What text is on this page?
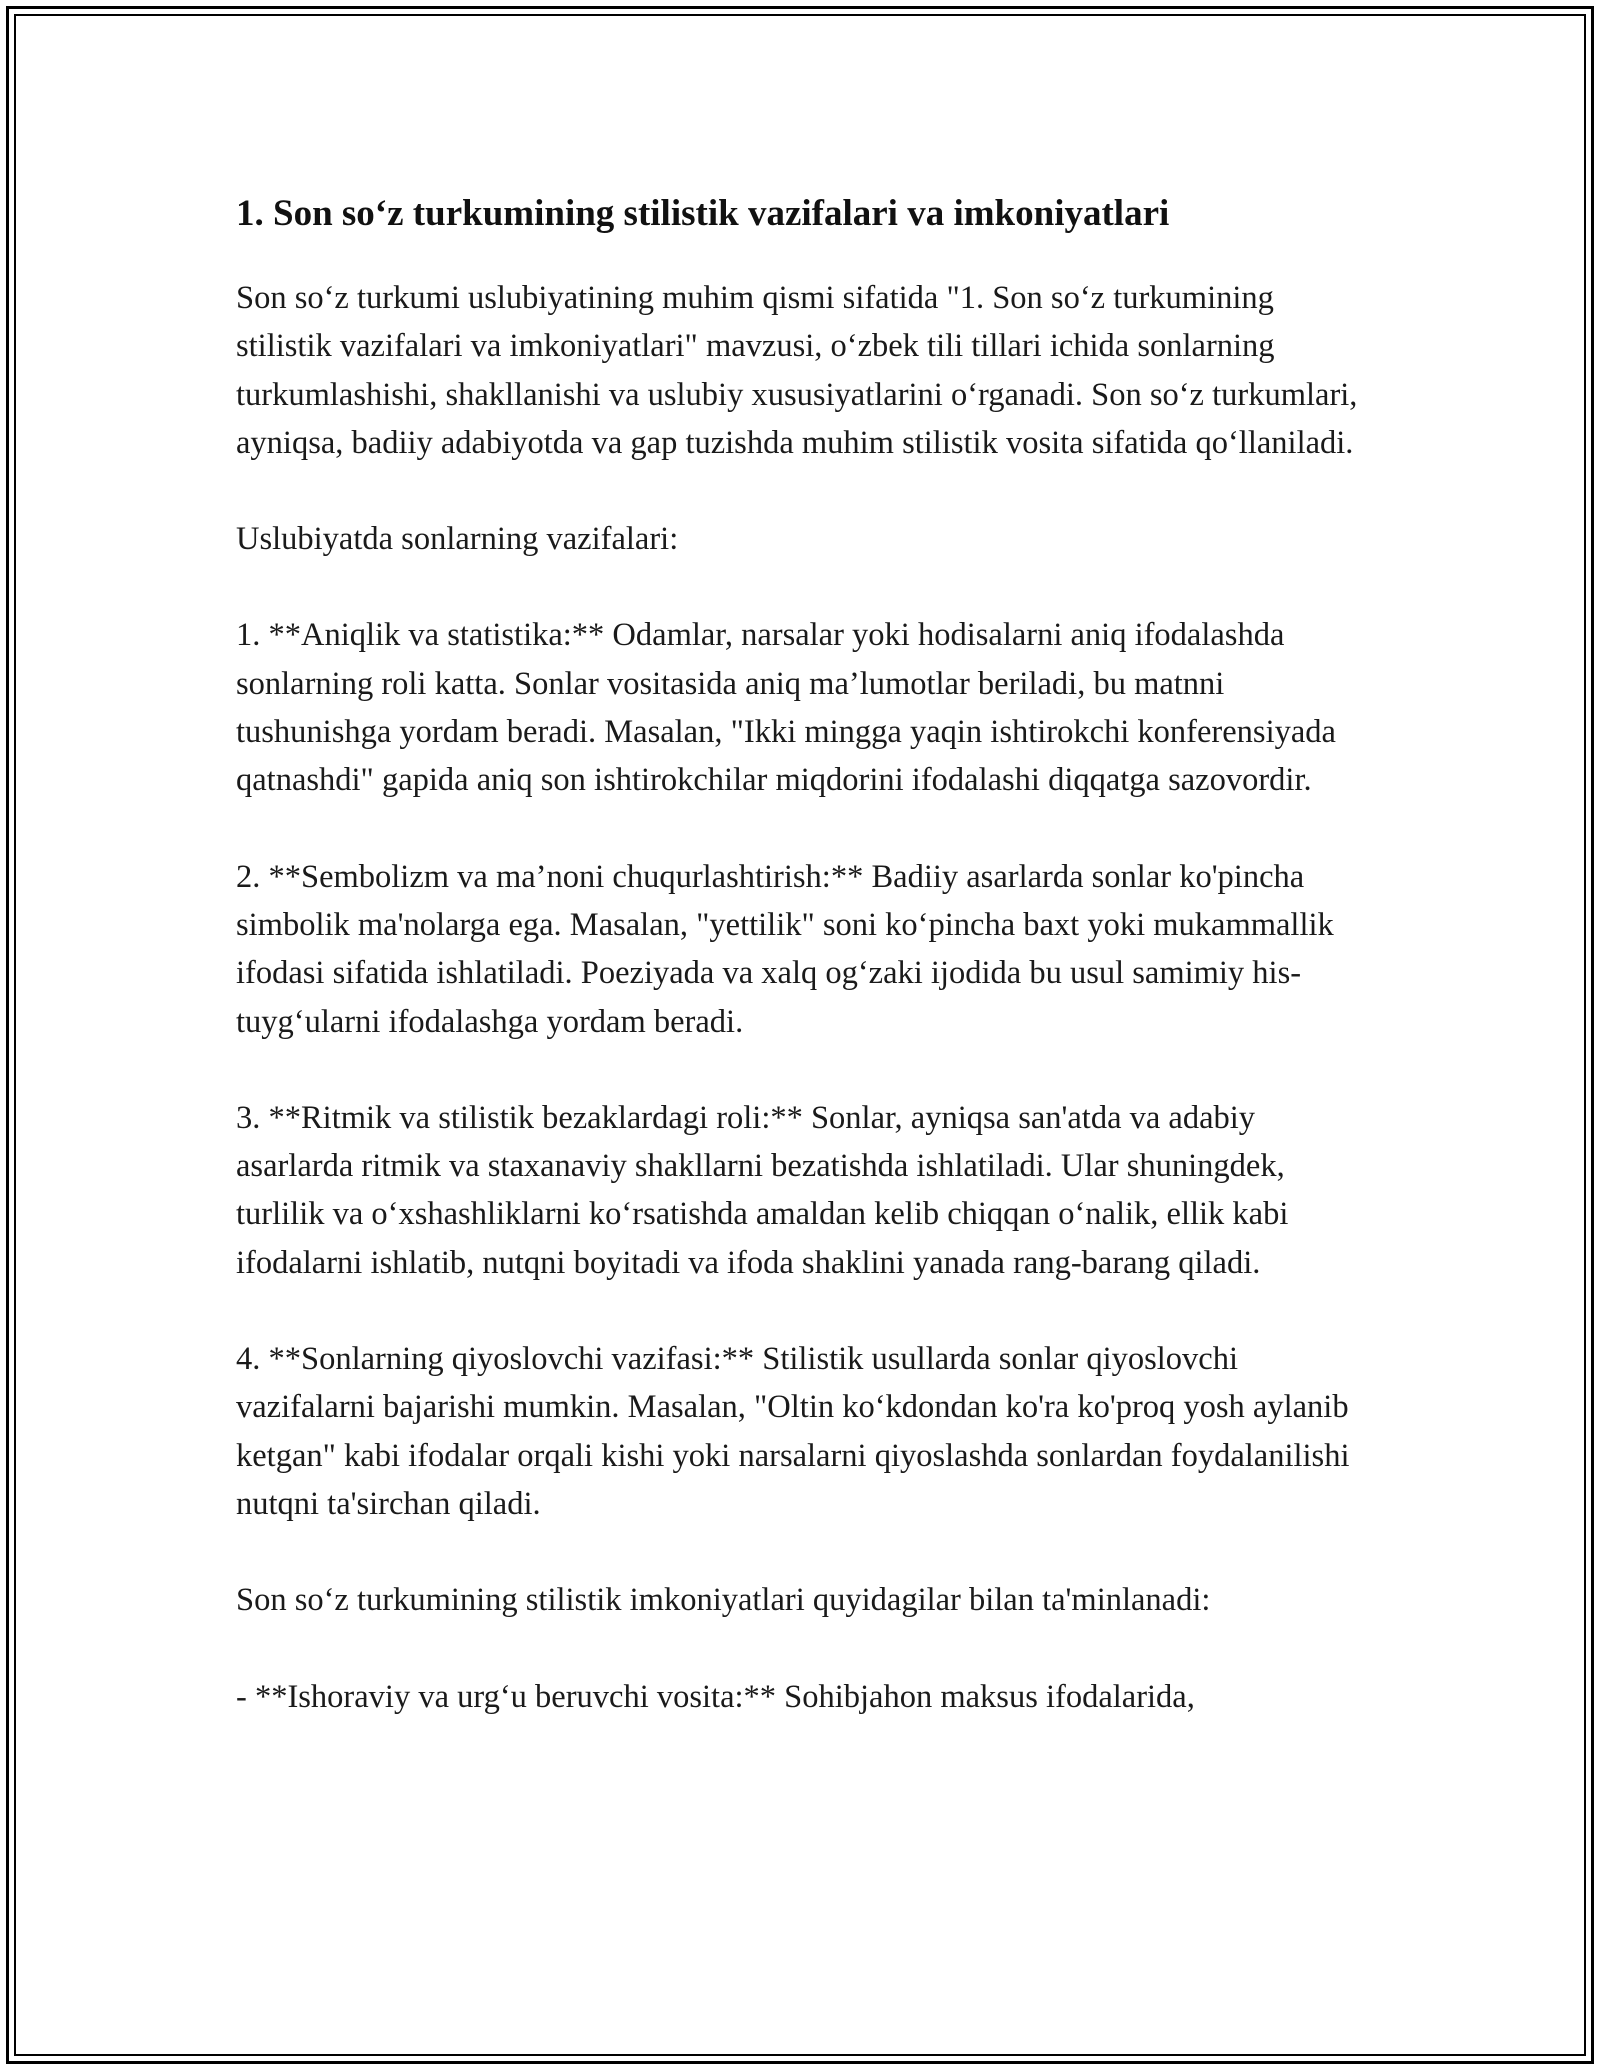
1. Son so‘z turkumining stilistik vazifalari va imkoniyatlari

Son so‘z turkumi uslubiyatining muhim qismi sifatida "1. Son so‘z turkumining stilistik vazifalari va imkoniyatlari" mavzusi, o‘zbek tili tillari ichida sonlarning turkumlashishi, shakllanishi va uslubiy xususiyatlarini o‘rganadi. Son so‘z turkumlari, ayniqsa, badiiy adabiyotda va gap tuzishda muhim stilistik vosita sifatida qo‘llaniladi.

Uslubiyatda sonlarning vazifalari:

1. **Aniqlik va statistika:** Odamlar, narsalar yoki hodisalarni aniq ifodalashda sonlarning roli katta. Sonlar vositasida aniq ma’lumotlar beriladi, bu matnni tushunishga yordam beradi. Masalan, "Ikki mingga yaqin ishtirokchi konferensiyada qatnashdi" gapida aniq son ishtirokchilar miqdorini ifodalashi diqqatga sazovordir.

2. **Sembolizm va ma’noni chuqurlashtirish:** Badiiy asarlarda sonlar ko'pincha simbolik ma'nolarga ega. Masalan, "yettilik" soni ko‘pincha baxt yoki mukammallik ifodasi sifatida ishlatiladi. Poeziyada va xalq og‘zaki ijodida bu usul samimiy his-tuyg‘ularni ifodalashga yordam beradi.

3. **Ritmik va stilistik bezaklardagi roli:** Sonlar, ayniqsa san'atda va adabiy asarlarda ritmik va staxanaviy shakllarni bezatishda ishlatiladi. Ular shuningdek, turlilik va o‘xshashliklarni ko‘rsatishda amaldan kelib chiqqan o‘nalik, ellik kabi ifodalarni ishlatib, nutqni boyitadi va ifoda shaklini yanada rang-barang qiladi.

4. **Sonlarning qiyoslovchi vazifasi:** Stilistik usullarda sonlar qiyoslovchi vazifalarni bajarishi mumkin. Masalan, "Oltin ko‘kdondan ko'ra ko'proq yosh aylanib ketgan" kabi ifodalar orqali kishi yoki narsalarni qiyoslashda sonlardan foydalanilishi nutqni ta'sirchan qiladi.

Son so‘z turkumining stilistik imkoniyatlari quyidagilar bilan ta'minlanadi:

- **Ishoraviy va urg‘u beruvchi vosita:** Sohibjahon maksus ifodalarida,
